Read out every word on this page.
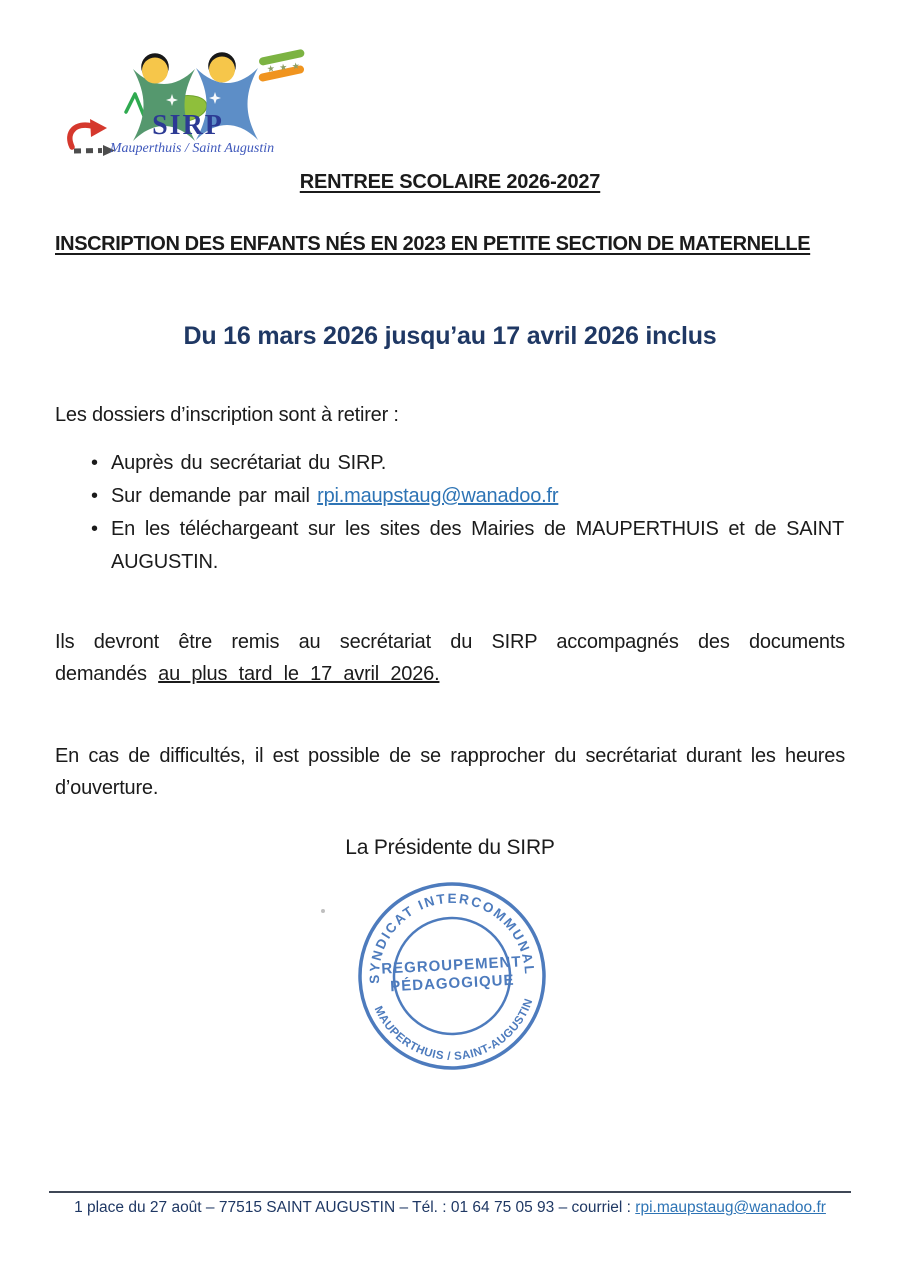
★ ★ ★
SIRP
Mauperthuis / Saint Augustin
RENTREE SCOLAIRE 2026-2027
INSCRIPTION DES ENFANTS NÉS EN 2023 EN PETITE SECTION DE MATERNELLE
Du 16 mars 2026 jusqu’au 17 avril 2026 inclus

Les dossiers d’inscription sont à retirer :

• Auprès du secrétariat du SIRP.
• Sur demande par mail rpi.maupstaug@wanadoo.fr
• En les téléchargeant sur les sites des Mairies de MAUPERTHUIS et de SAINT AUGUSTIN.

Ils devront être remis au secrétariat du SIRP accompagnés des documents demandés au plus tard le 17 avril 2026.

En cas de difficultés, il est possible de se rapprocher du secrétariat durant les heures d’ouverture.

La Présidente du SIRP

SYNDICAT INTERCOMMUNAL
MAUPERTHUIS / SAINT-AUGUSTIN
REGROUPEMENT
PÉDAGOGIQUE
1 place du 27 août – 77515 SAINT AUGUSTIN – Tél. : 01 64 75 05 93 – courriel : rpi.maupstaug@wanadoo.fr
